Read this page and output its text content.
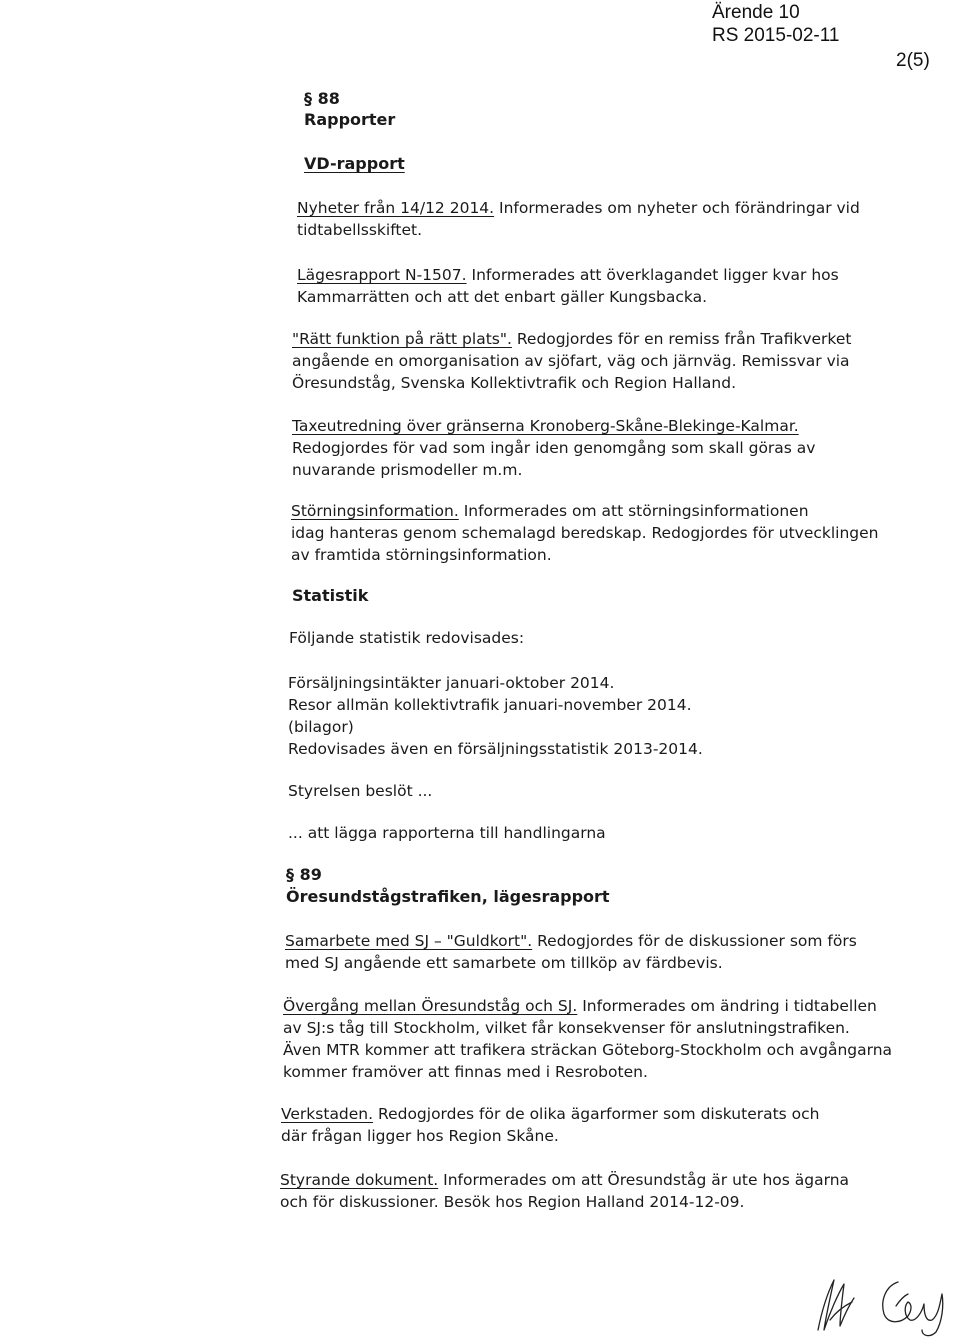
Ärende 10
RS 2015-02-11
2(5)
§ 88
Rapporter
VD-rapport

Nyheter från 14/12 2014. Informerades om nyheter och förändringar vid

tidtabellsskiftet.

Lägesrapport N-1507. Informerades att överklagandet ligger kvar hos

Kammarrätten och att det enbart gäller Kungsbacka.

"Rätt funktion på rätt plats". Redogjordes för en remiss från Trafikverket

angående en omorganisation av sjöfart, väg och järnväg. Remissvar via

Öresundståg, Svenska Kollektivtrafik och Region Halland.

Taxeutredning över gränserna Kronoberg-Skåne-Blekinge-Kalmar.

Redogjordes för vad som ingår iden genomgång som skall göras av

nuvarande prismodeller m.m.

Störningsinformation. Informerades om att störningsinformationen

idag hanteras genom schemalagd beredskap. Redogjordes för utvecklingen

av framtida störningsinformation.

Statistik
Följande statistik redovisades:

Försäljningsintäkter januari-oktober 2014.

Resor allmän kollektivtrafik januari-november 2014.

(bilagor)

Redovisades även en försäljningsstatistik 2013-2014.

Styrelsen beslöt ...
... att lägga rapporterna till handlingarna
§ 89
Öresundstågstrafiken, lägesrapport

Samarbete med SJ – "Guldkort". Redogjordes för de diskussioner som förs

med SJ angående ett samarbete om tillköp av färdbevis.

Övergång mellan Öresundståg och SJ. Informerades om ändring i tidtabellen

av SJ:s tåg till Stockholm, vilket får konsekvenser för anslutningstrafiken.

Även MTR kommer att trafikera sträckan Göteborg-Stockholm och avgångarna

kommer framöver att finnas med i Resroboten.

Verkstaden. Redogjordes för de olika ägarformer som diskuterats och

där frågan ligger hos Region Skåne.

Styrande dokument. Informerades om att Öresundståg är ute hos ägarna

och för diskussioner. Besök hos Region Halland 2014-12-09.
